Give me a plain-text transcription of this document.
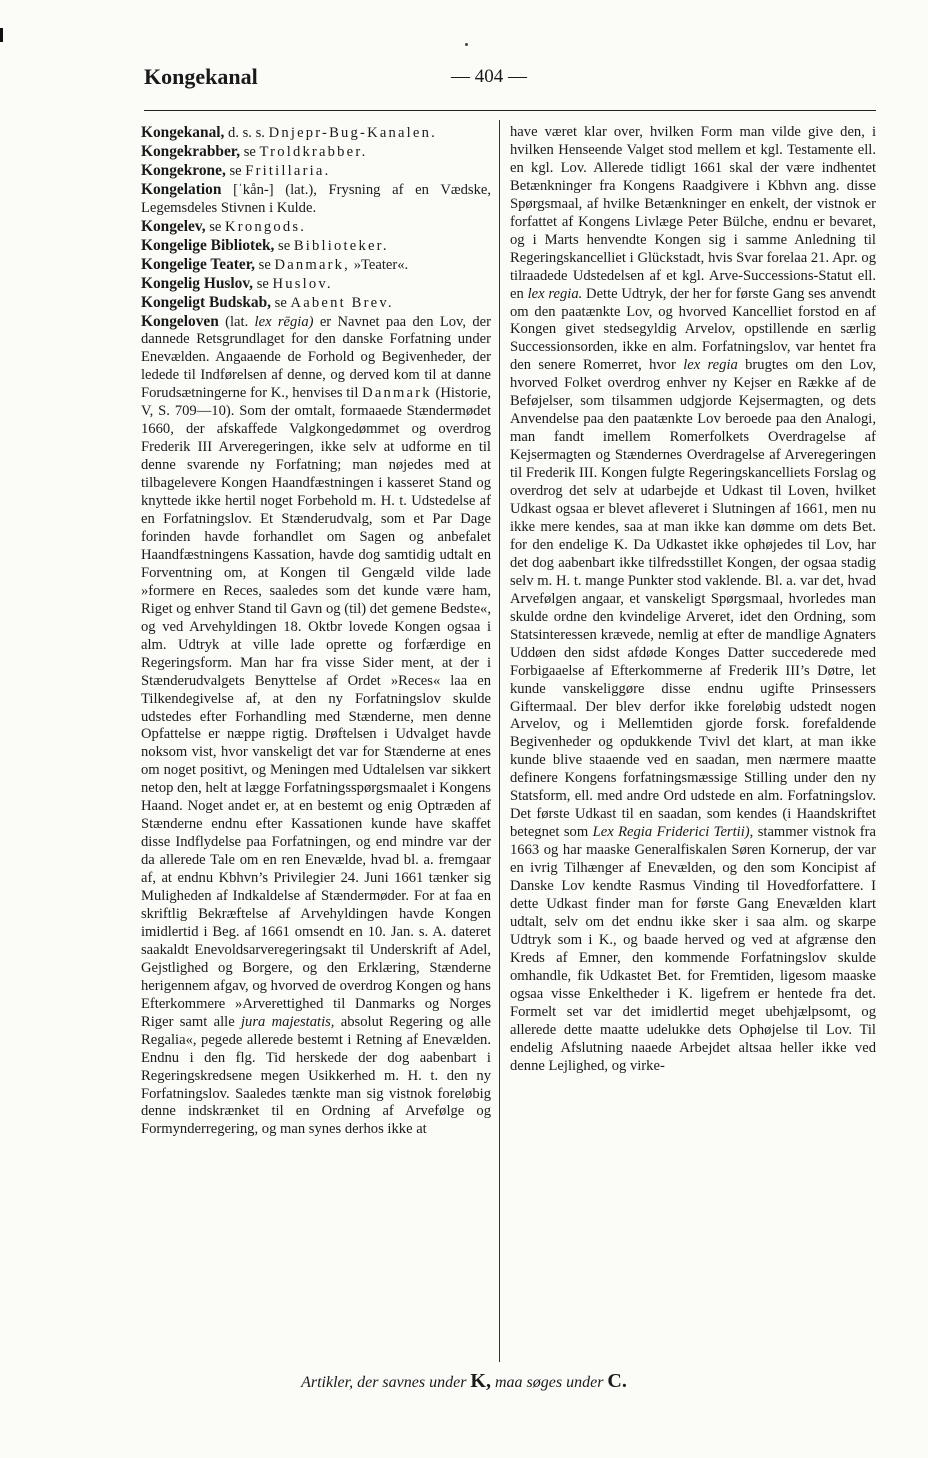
Kongekanal	— 404 —

Kongekanal, d. s. s. Dnjepr-Bug-Kanalen.

Kongekrabber, se Troldkrabber.

Kongekrone, se Fritillaria.

Kongelation [ˈkån-] (lat.), Frysning af en Vædske, Legemsdeles Stivnen i Kulde.

Kongelev, se Krongods.

Kongelige Bibliotek, se Biblioteker.

Kongelige Teater, se Danmark, »Teater«.

Kongelig Huslov, se Huslov.

Kongeligt Budskab, se Aabent Brev.

Kongeloven (lat. lex rēgia) er Navnet paa den Lov, der dannede Retsgrundlaget for den danske Forfatning under Enevælden. Angaaende de Forhold og Begivenheder, der ledede til Indførelsen af denne, og derved kom til at danne Forudsætningerne for K., henvises til Danmark (Historie, V, S. 709—10). Som der omtalt, formaaede Stændermødet 1660, der afskaffede Valgkongedømmet og overdrog Frederik III Arveregeringen, ikke selv at udforme en til denne svarende ny Forfatning; man nøjedes med at tilbagelevere Kongen Haandfæstningen i kasseret Stand og knyttede ikke hertil noget Forbehold m. H. t. Udstedelse af en Forfatningslov. Et Stænderudvalg, som et Par Dage forinden havde forhandlet om Sagen og anbefalet Haandfæstningens Kassation, havde dog samtidig udtalt en Forventning om, at Kongen til Gengæld vilde lade »formere en Reces, saaledes som det kunde være ham, Riget og enhver Stand til Gavn og (til) det gemene Bedste«, og ved Arvehyldingen 18. Oktbr lovede Kongen ogsaa i alm. Udtryk at ville lade oprette og forfærdige en Regeringsform. Man har fra visse Sider ment, at der i Stænderudvalgets Benyttelse af Ordet »Reces« laa en Tilkendegivelse af, at den ny Forfatningslov skulde udstedes efter Forhandling med Stænderne, men denne Opfattelse er næppe rigtig. Drøftelsen i Udvalget havde noksom vist, hvor vanskeligt det var for Stænderne at enes om noget positivt, og Meningen med Udtalelsen var sikkert netop den, helt at lægge Forfatningsspørgsmaalet i Kongens Haand. Noget andet er, at en bestemt og enig Optræden af Stænderne endnu efter Kassationen kunde have skaffet disse Indflydelse paa Forfatningen, og end mindre var der da allerede Tale om en ren Enevælde, hvad bl. a. fremgaar af, at endnu Kbhvn’s Privilegier 24. Juni 1661 tænker sig Muligheden af Indkaldelse af Stændermøder. For at faa en skriftlig Bekræftelse af Arvehyldingen havde Kongen imidlertid i Beg. af 1661 omsendt en 10. Jan. s. A. dateret saakaldt Enevoldsarveregeringsakt til Underskrift af Adel, Gejstlighed og Borgere, og den Erklæring, Stænderne herigennem afgav, og hvorved de overdrog Kongen og hans Efterkommere »Arverettighed til Danmarks og Norges Riger samt alle jura majestatis, absolut Regering og alle Regalia«, pegede allerede bestemt i Retning af Enevælden. Endnu i den flg. Tid herskede der dog aabenbart i Regeringskredsene megen Usikkerhed m. H. t. den ny Forfatningslov. Saaledes tænkte man sig vistnok foreløbig denne indskrænket til en Ordning af Arvefølge og Formynderregering, og man synes derhos ikke at

have været klar over, hvilken Form man vilde give den, i hvilken Henseende Valget stod mellem et kgl. Testamente ell. en kgl. Lov. Allerede tidligt 1661 skal der være indhentet Betænkninger fra Kongens Raadgivere i Kbhvn ang. disse Spørgsmaal, af hvilke Betænkninger en enkelt, der vistnok er forfattet af Kongens Livlæge Peter Bülche, endnu er bevaret, og i Marts henvendte Kongen sig i samme Anledning til Regeringskancelliet i Glückstadt, hvis Svar forelaa 21. Apr. og tilraadede Udstedelsen af et kgl. Arve-Successions-Statut ell. en lex regia. Dette Udtryk, der her for første Gang ses anvendt om den paatænkte Lov, og hvorved Kancelliet forstod en af Kongen givet stedsegyldig Arvelov, opstillende en særlig Successionsorden, ikke en alm. Forfatningslov, var hentet fra den senere Romerret, hvor lex regia brugtes om den Lov, hvorved Folket overdrog enhver ny Kejser en Række af de Beføjelser, som tilsammen udgjorde Kejsermagten, og dets Anvendelse paa den paatænkte Lov beroede paa den Analogi, man fandt imellem Romerfolkets Overdragelse af Kejsermagten og Stændernes Overdragelse af Arveregeringen til Frederik III. Kongen fulgte Regeringskancelliets Forslag og overdrog det selv at udarbejde et Udkast til Loven, hvilket Udkast ogsaa er blevet afleveret i Slutningen af 1661, men nu ikke mere kendes, saa at man ikke kan dømme om dets Bet. for den endelige K. Da Udkastet ikke ophøjedes til Lov, har det dog aabenbart ikke tilfredsstillet Kongen, der ogsaa stadig selv m. H. t. mange Punkter stod vaklende. Bl. a. var det, hvad Arvefølgen angaar, et vanskeligt Spørgsmaal, hvorledes man skulde ordne den kvindelige Arveret, idet den Ordning, som Statsinteressen krævede, nemlig at efter de mandlige Agnaters Uddøen den sidst afdøde Konges Datter succederede med Forbigaaelse af Efterkommerne af Frederik III’s Døtre, let kunde vanskeliggøre disse endnu ugifte Prinsessers Giftermaal. Der blev derfor ikke foreløbig udstedt nogen Arvelov, og i Mellemtiden gjorde forsk. forefaldende Begivenheder og opdukkende Tvivl det klart, at man ikke kunde blive staaende ved en saadan, men nærmere maatte definere Kongens forfatningsmæssige Stilling under den ny Statsform, ell. med andre Ord udstede en alm. Forfatningslov. Det første Udkast til en saadan, som kendes (i Haandskriftet betegnet som Lex Regia Friderici Tertii), stammer vistnok fra 1663 og har maaske Generalfiskalen Søren Kornerup, der var en ivrig Tilhænger af Enevælden, og den som Koncipist af Danske Lov kendte Rasmus Vinding til Hovedforfattere. I dette Udkast finder man for første Gang Enevælden klart udtalt, selv om det endnu ikke sker i saa alm. og skarpe Udtryk som i K., og baade herved og ved at afgrænse den Kreds af Emner, den kommende Forfatningslov skulde omhandle, fik Udkastet Bet. for Fremtiden, ligesom maaske ogsaa visse Enkeltheder i K. ligefrem er hentede fra det. Formelt set var det imidlertid meget ubehjælpsomt, og allerede dette maatte udelukke dets Ophøjelse til Lov. Til endelig Afslutning naaede Arbejdet altsaa heller ikke ved denne Lejlighed, og virke-

Artikler, der savnes under K, maa søges under C.
